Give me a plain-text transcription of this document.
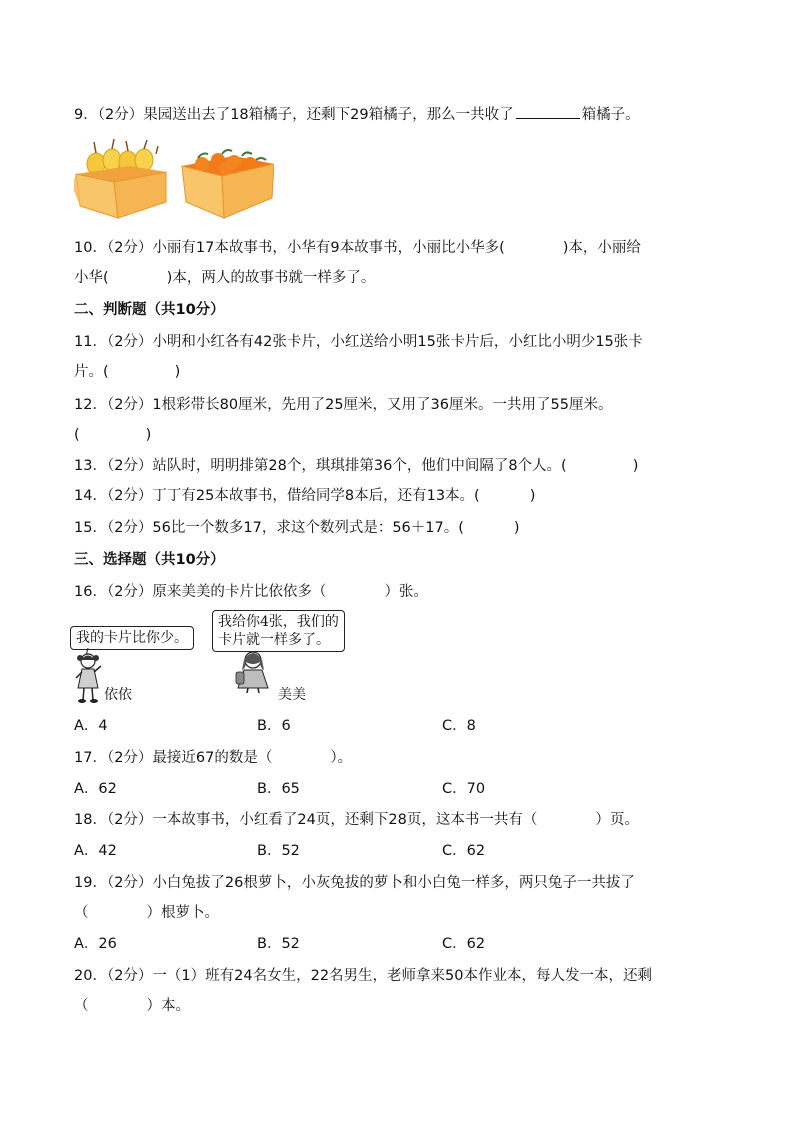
9．（2分）果园送出去了18箱橘子，还剩下29箱橘子，那么一共收了	箱橘子。
10．（2分）小丽有17本故事书，小华有9本故事书，小丽比小华多(	)本，小丽给
小华(	)本，两人的故事书就一样多了。
二、判断题（共10分）
11．（2分）小明和小红各有42张卡片，小红送给小明15张卡片后，小红比小明少15张卡
片。(	)
12．（2分）1根彩带长80厘米，先用了25厘米，又用了36厘米。一共用了55厘米。
(	)
13．（2分）站队时，明明排第28个，琪琪排第36个，他们中间隔了8个人。(	)
14．（2分）丁丁有25本故事书，借给同学8本后，还有13本。(	)
15．（2分）56比一个数多17，求这个数列式是：56＋17。(	)
三、选择题（共10分）
16．（2分）原来美美的卡片比依依多（	）张。
我的卡片比你少。
我给你4张，我们的
卡片就一样多了。
依依	美美
A．4	B．6	C．8
17．（2分）最接近67的数是（	）。
A．62	B．65	C．70
18．（2分）一本故事书，小红看了24页，还剩下28页，这本书一共有（	）页。
A．42	B．52	C．62
19．（2分）小白兔拔了26根萝卜，小灰兔拔的萝卜和小白兔一样多，两只兔子一共拔了
（	）根萝卜。
A．26	B．52	C．62
20．（2分）一（1）班有24名女生，22名男生，老师拿来50本作业本，每人发一本，还剩
（	）本。
